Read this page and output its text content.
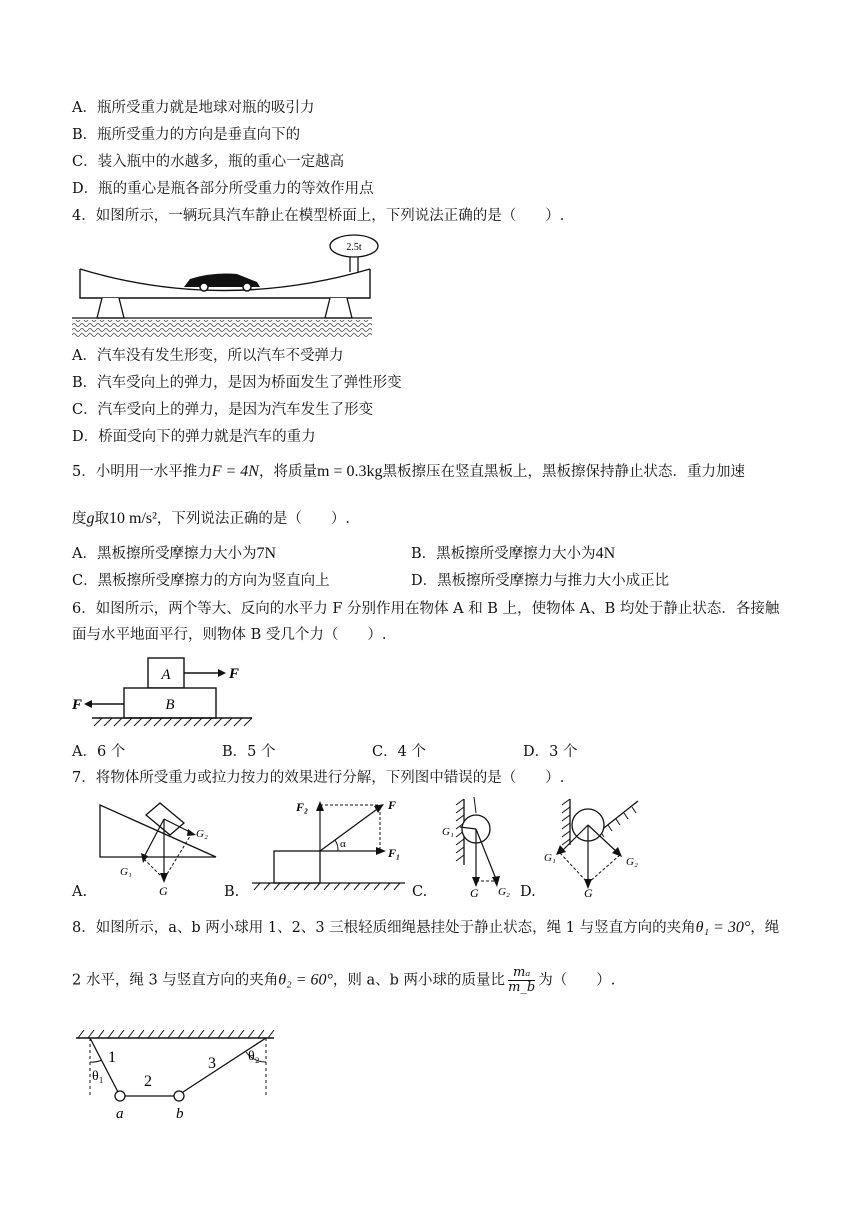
A．瓶所受重力就是地球对瓶的吸引力
B．瓶所受重力的方向是垂直向下的
C．装入瓶中的水越多，瓶的重心一定越高
D．瓶的重心是瓶各部分所受重力的等效作用点
4．如图所示，一辆玩具汽车静止在模型桥面上，下列说法正确的是（　　）.
2.5t
A．汽车没有发生形变，所以汽车不受弹力
B．汽车受向上的弹力，是因为桥面发生了弹性形变
C．汽车受向上的弹力，是因为汽车发生了形变
D．桥面受向下的弹力就是汽车的重力
5．小明用一水平推力F = 4N，将质量m = 0.3kg黑板擦压在竖直黑板上，黑板擦保持静止状态．重力加速
度g取10 m/s²，下列说法正确的是（　　）.
A．黑板擦所受摩擦力大小为7N	B．黑板擦所受摩擦力大小为4N
C．黑板擦所受摩擦力的方向为竖直向上	D．黑板擦所受摩擦力与推力大小成正比
6．如图所示，两个等大、反向的水平力 F 分别作用在物体 A 和 B 上，使物体 A、B 均处于静止状态．各接触
面与水平地面平行，则物体 B 受几个力（　　）.
A
B
F
F
A．6 个	B．5 个	C．4 个	D．3 个
7．将物体所受重力或拉力按力的效果进行分解，下列图中错误的是（　　）.
G₂
G₁
G
A.
α
F₂	F
F₁
B.
G₁
G G₂
C.
G₁	G₂
G
D.
8．如图所示，a、b 两小球用 1、2、3 三根轻质细绳悬挂处于静止状态，绳 1 与竖直方向的夹角θ₁ = 30°，绳
2 水平，绳 3 与竖直方向的夹角θ₂ = 60°，则 a、b 两小球的质量比 $\frac{\text{mₐ}}{m\_b}$ 为（　　）.
1
2
3
θ₁
θ₂
a	b
